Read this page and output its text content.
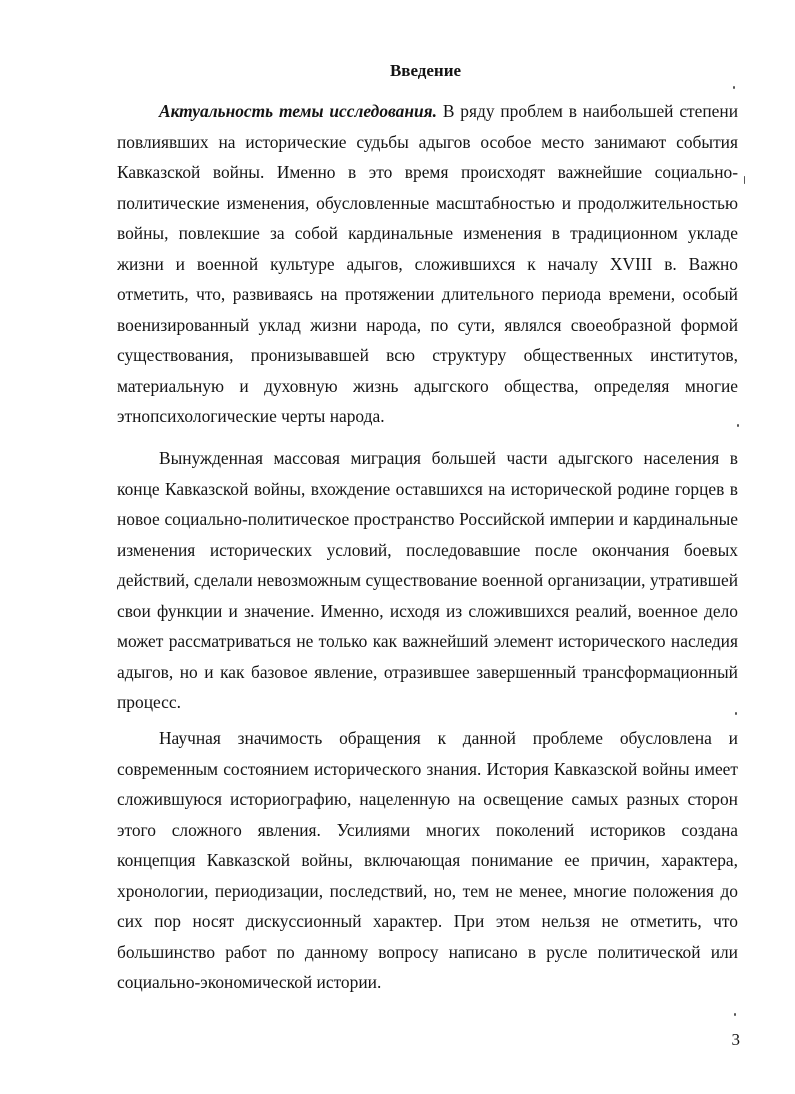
Введение

Актуальность темы исследования. В ряду проблем в наибольшей степени повлиявших на исторические судьбы адыгов особое место занимают события Кавказской войны. Именно в это время происходят важнейшие социально-политические изменения, обусловленные масштабностью и продолжительностью войны, повлекшие за собой кардинальные изменения в традиционном укладе жизни и военной культуре адыгов, сложившихся к началу XVIII в. Важно отметить, что, развиваясь на протяжении длительного периода времени, особый военизированный уклад жизни народа, по сути, являлся своеобразной формой существования, пронизывавшей всю структуру общественных институтов, материальную и духовную жизнь адыгского общества, определяя многие этнопсихологические черты народа.

Вынужденная массовая миграция большей части адыгского населения в конце Кавказской войны, вхождение оставшихся на исторической родине горцев в новое социально-политическое пространство Российской империи и кардинальные изменения исторических условий, последовавшие после окончания боевых действий, сделали невозможным существование военной организации, утратившей свои функции и значение. Именно, исходя из сложившихся реалий, военное дело может рассматриваться не только как важнейший элемент исторического наследия адыгов, но и как базовое явление, отразившее завершенный трансформационный процесс.

Научная значимость обращения к данной проблеме обусловлена и современным состоянием исторического знания. История Кавказской войны имеет сложившуюся историографию, нацеленную на освещение самых разных сторон этого сложного явления. Усилиями многих поколений историков создана концепция Кавказской войны, включающая понимание ее причин, характера, хронологии, периодизации, последствий, но, тем не менее, многие положения до сих пор носят дискуссионный характер. При этом нельзя не отметить, что большинство работ по данному вопросу написано в русле политической или социально-экономической истории.

3
